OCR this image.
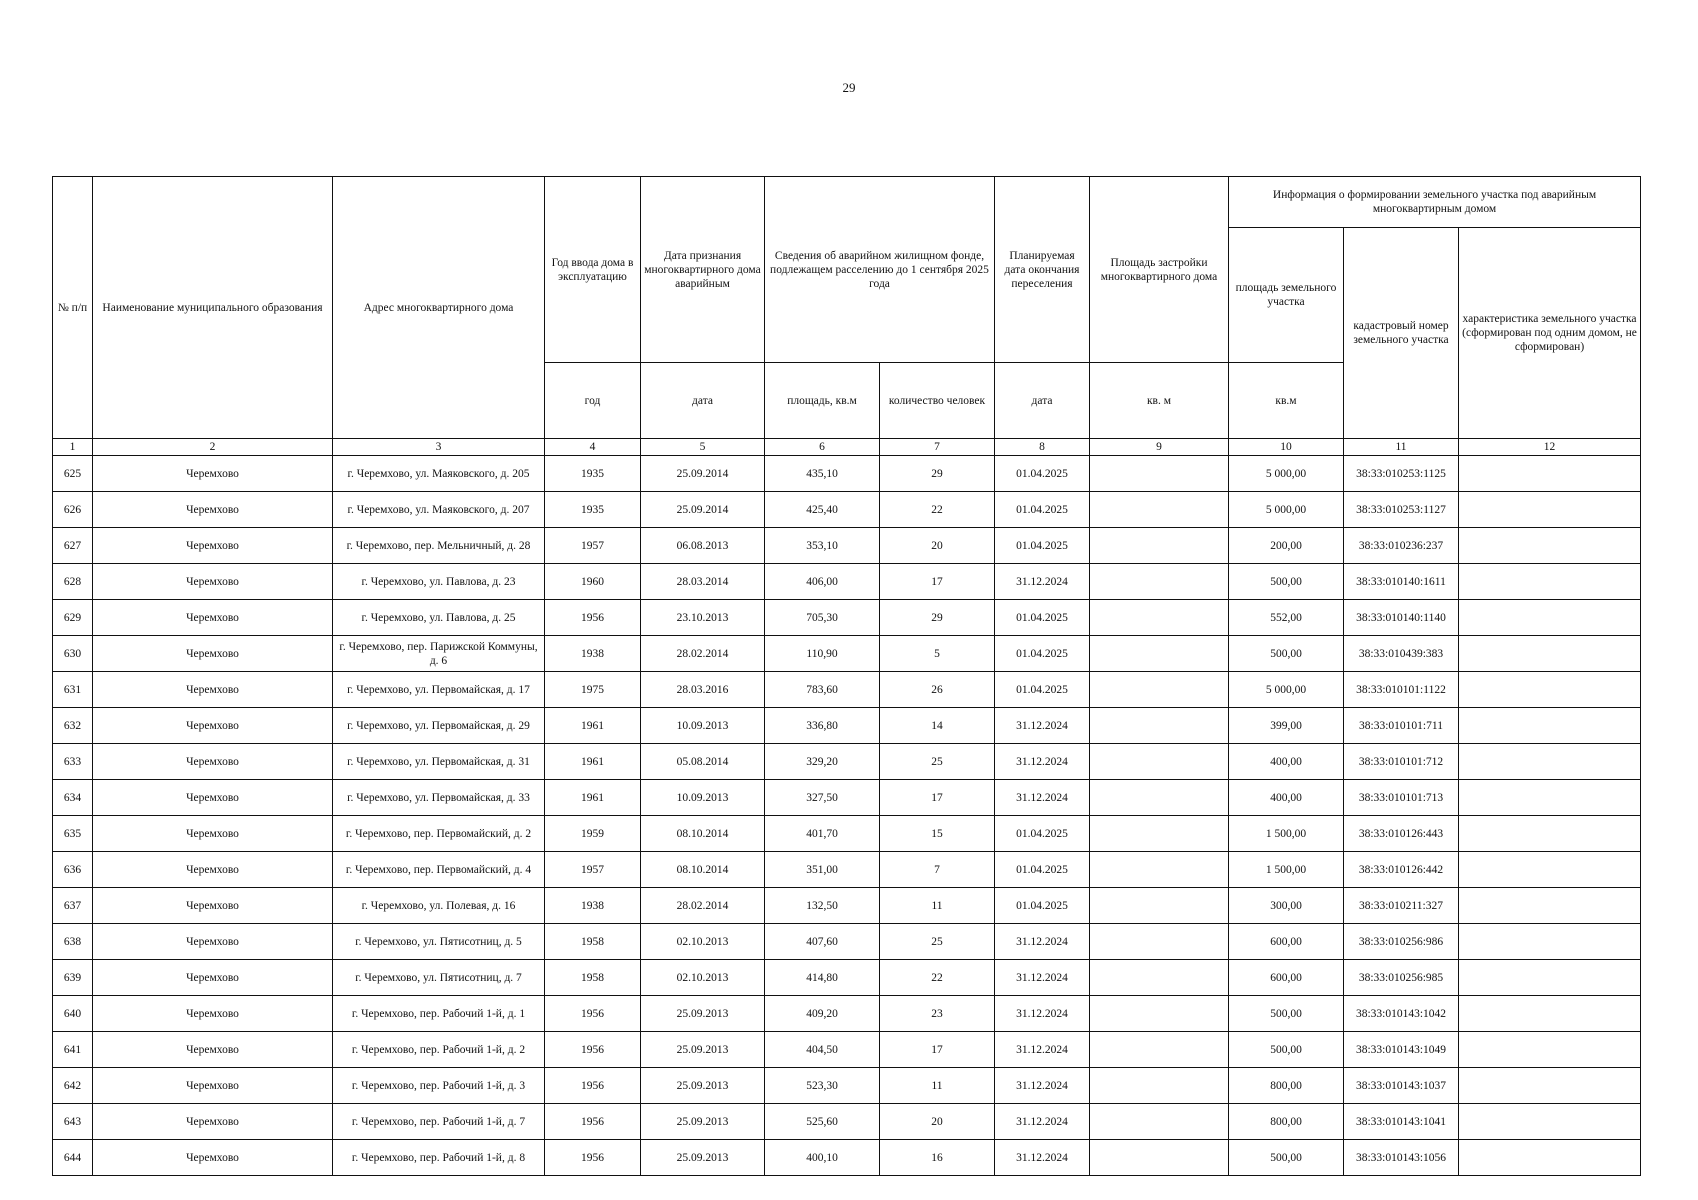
29
№ п/п	Наименование муниципального образования	Адрес многоквартирного дома	Год ввода дома в эксплуатацию	Дата признания многоквартирного дома аварийным	Сведения об аварийном жилищном фонде, подлежащем расселению до 1 сентября 2025 года		Планируемая дата окончания переселения	Площадь застройки многоквартирного дома	Информация о формировании земельного участка под аварийным многоквартирным домом		
									площадь земельного участка	кадастровый номер земельного участка	характеристика земельного участка (сформирован под одним домом, не сформирован)
			год	дата	площадь, кв.м	количество человек	дата	кв. м	кв.м		
1	2	3	4	5	6	7	8	9	10	11	12
625	Черемхово	г. Черемхово, ул. Маяковского, д. 205	1935	25.09.2014	435,10	29	01.04.2025		5 000,00	38:33:010253:1125	
626	Черемхово	г. Черемхово, ул. Маяковского, д. 207	1935	25.09.2014	425,40	22	01.04.2025		5 000,00	38:33:010253:1127	
627	Черемхово	г. Черемхово, пер. Мельничный, д. 28	1957	06.08.2013	353,10	20	01.04.2025		200,00	38:33:010236:237	
628	Черемхово	г. Черемхово, ул. Павлова, д. 23	1960	28.03.2014	406,00	17	31.12.2024		500,00	38:33:010140:1611	
629	Черемхово	г. Черемхово, ул. Павлова, д. 25	1956	23.10.2013	705,30	29	01.04.2025		552,00	38:33:010140:1140	
630	Черемхово	г. Черемхово, пер. Парижской Коммуны, д. 6	1938	28.02.2014	110,90	5	01.04.2025		500,00	38:33:010439:383	
631	Черемхово	г. Черемхово, ул. Первомайская, д. 17	1975	28.03.2016	783,60	26	01.04.2025		5 000,00	38:33:010101:1122	
632	Черемхово	г. Черемхово, ул. Первомайская, д. 29	1961	10.09.2013	336,80	14	31.12.2024		399,00	38:33:010101:711	
633	Черемхово	г. Черемхово, ул. Первомайская, д. 31	1961	05.08.2014	329,20	25	31.12.2024		400,00	38:33:010101:712	
634	Черемхово	г. Черемхово, ул. Первомайская, д. 33	1961	10.09.2013	327,50	17	31.12.2024		400,00	38:33:010101:713	
635	Черемхово	г. Черемхово, пер. Первомайский, д. 2	1959	08.10.2014	401,70	15	01.04.2025		1 500,00	38:33:010126:443	
636	Черемхово	г. Черемхово, пер. Первомайский, д. 4	1957	08.10.2014	351,00	7	01.04.2025		1 500,00	38:33:010126:442	
637	Черемхово	г. Черемхово, ул. Полевая, д. 16	1938	28.02.2014	132,50	11	01.04.2025		300,00	38:33:010211:327	
638	Черемхово	г. Черемхово, ул. Пятисотниц, д. 5	1958	02.10.2013	407,60	25	31.12.2024		600,00	38:33:010256:986	
639	Черемхово	г. Черемхово, ул. Пятисотниц, д. 7	1958	02.10.2013	414,80	22	31.12.2024		600,00	38:33:010256:985	
640	Черемхово	г. Черемхово, пер. Рабочий 1-й, д. 1	1956	25.09.2013	409,20	23	31.12.2024		500,00	38:33:010143:1042	
641	Черемхово	г. Черемхово, пер. Рабочий 1-й, д. 2	1956	25.09.2013	404,50	17	31.12.2024		500,00	38:33:010143:1049	
642	Черемхово	г. Черемхово, пер. Рабочий 1-й, д. 3	1956	25.09.2013	523,30	11	31.12.2024		800,00	38:33:010143:1037	
643	Черемхово	г. Черемхово, пер. Рабочий 1-й, д. 7	1956	25.09.2013	525,60	20	31.12.2024		800,00	38:33:010143:1041	
644	Черемхово	г. Черемхово, пер. Рабочий 1-й, д. 8	1956	25.09.2013	400,10	16	31.12.2024		500,00	38:33:010143:1056	
